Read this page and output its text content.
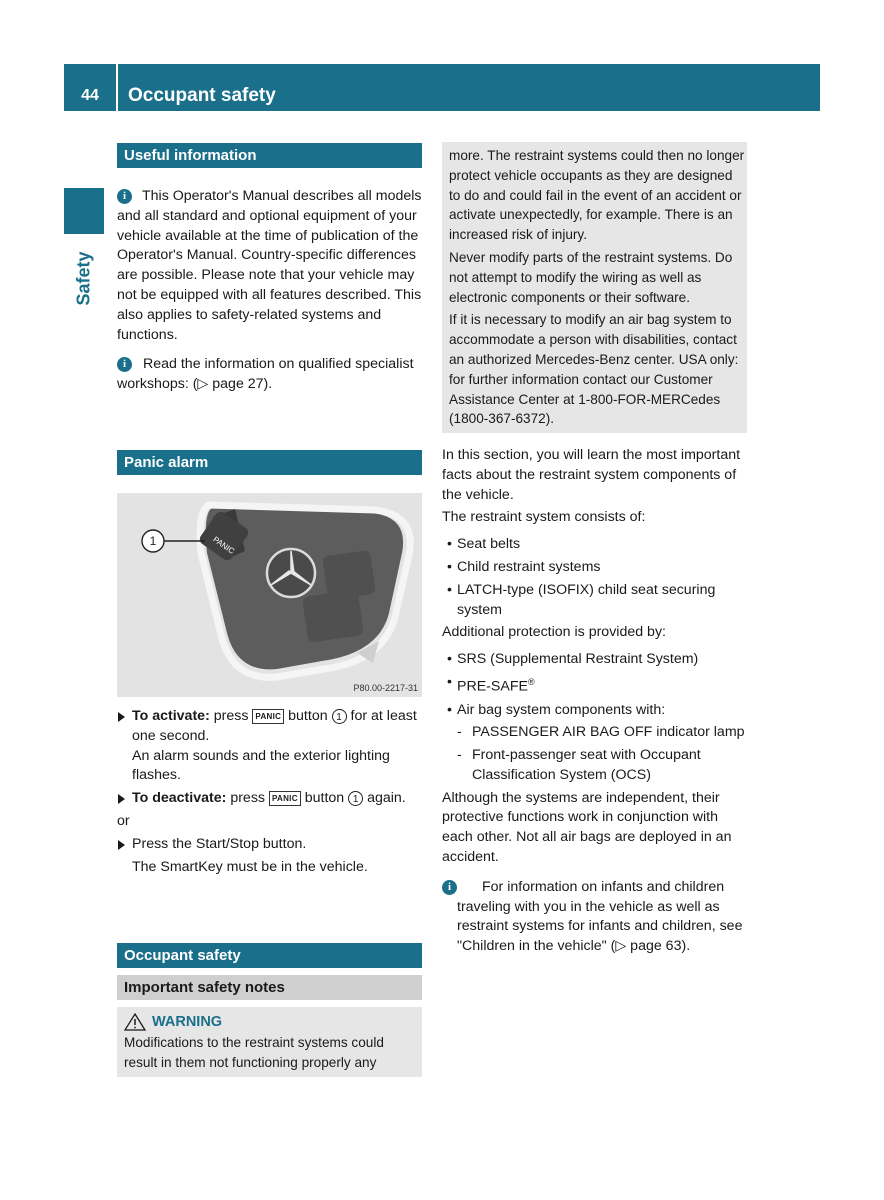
44	Occupant safety
Safety
Useful information
i	This Operator's Manual describes all models and all standard and optional equipment of your vehicle available at the time of publication of the Operator's Manual. Country-specific differences are possible. Please note that your vehicle may not be equipped with all features described. This also applies to safety-related systems and functions.

i	Read the information on qualified specialist workshops: (▷ page 27).

Panic alarm
PANIC
1
P80.00-2217-31

To activate: press PANIC button 1 for at least one second.

An alarm sounds and the exterior lighting flashes.

To deactivate: press PANIC button 1 again.

or

Press the Start/Stop button.

The SmartKey must be in the vehicle.

Occupant safety
Important safety notes
WARNING

Modifications to the restraint systems could result in them not functioning properly any

more. The restraint systems could then no longer protect vehicle occupants as they are designed to do and could fail in the event of an accident or activate unexpectedly, for example. There is an increased risk of injury.

Never modify parts of the restraint systems. Do not attempt to modify the wiring as well as electronic components or their software.

If it is necessary to modify an air bag system to accommodate a person with disabilities, contact an authorized Mercedes-Benz center. USA only: for further information contact our Customer Assistance Center at 1-800-FOR-MERCedes (1800-367-6372).

In this section, you will learn the most important facts about the restraint system components of the vehicle.

The restraint system consists of:

• Seat belts

• Child restraint systems

• LATCH-type (ISOFIX) child seat securing system

Additional protection is provided by:

• SRS (Supplemental Restraint System)

• PRE-SAFE®

• Air bag system components with:

- PASSENGER AIR BAG OFF indicator lamp

- Front-passenger seat with Occupant Classification System (OCS)

Although the systems are independent, their protective functions work in conjunction with each other. Not all air bags are deployed in an accident.

i	For information on infants and children traveling with you in the vehicle as well as restraint systems for infants and children, see "Children in the vehicle" (▷ page 63).
